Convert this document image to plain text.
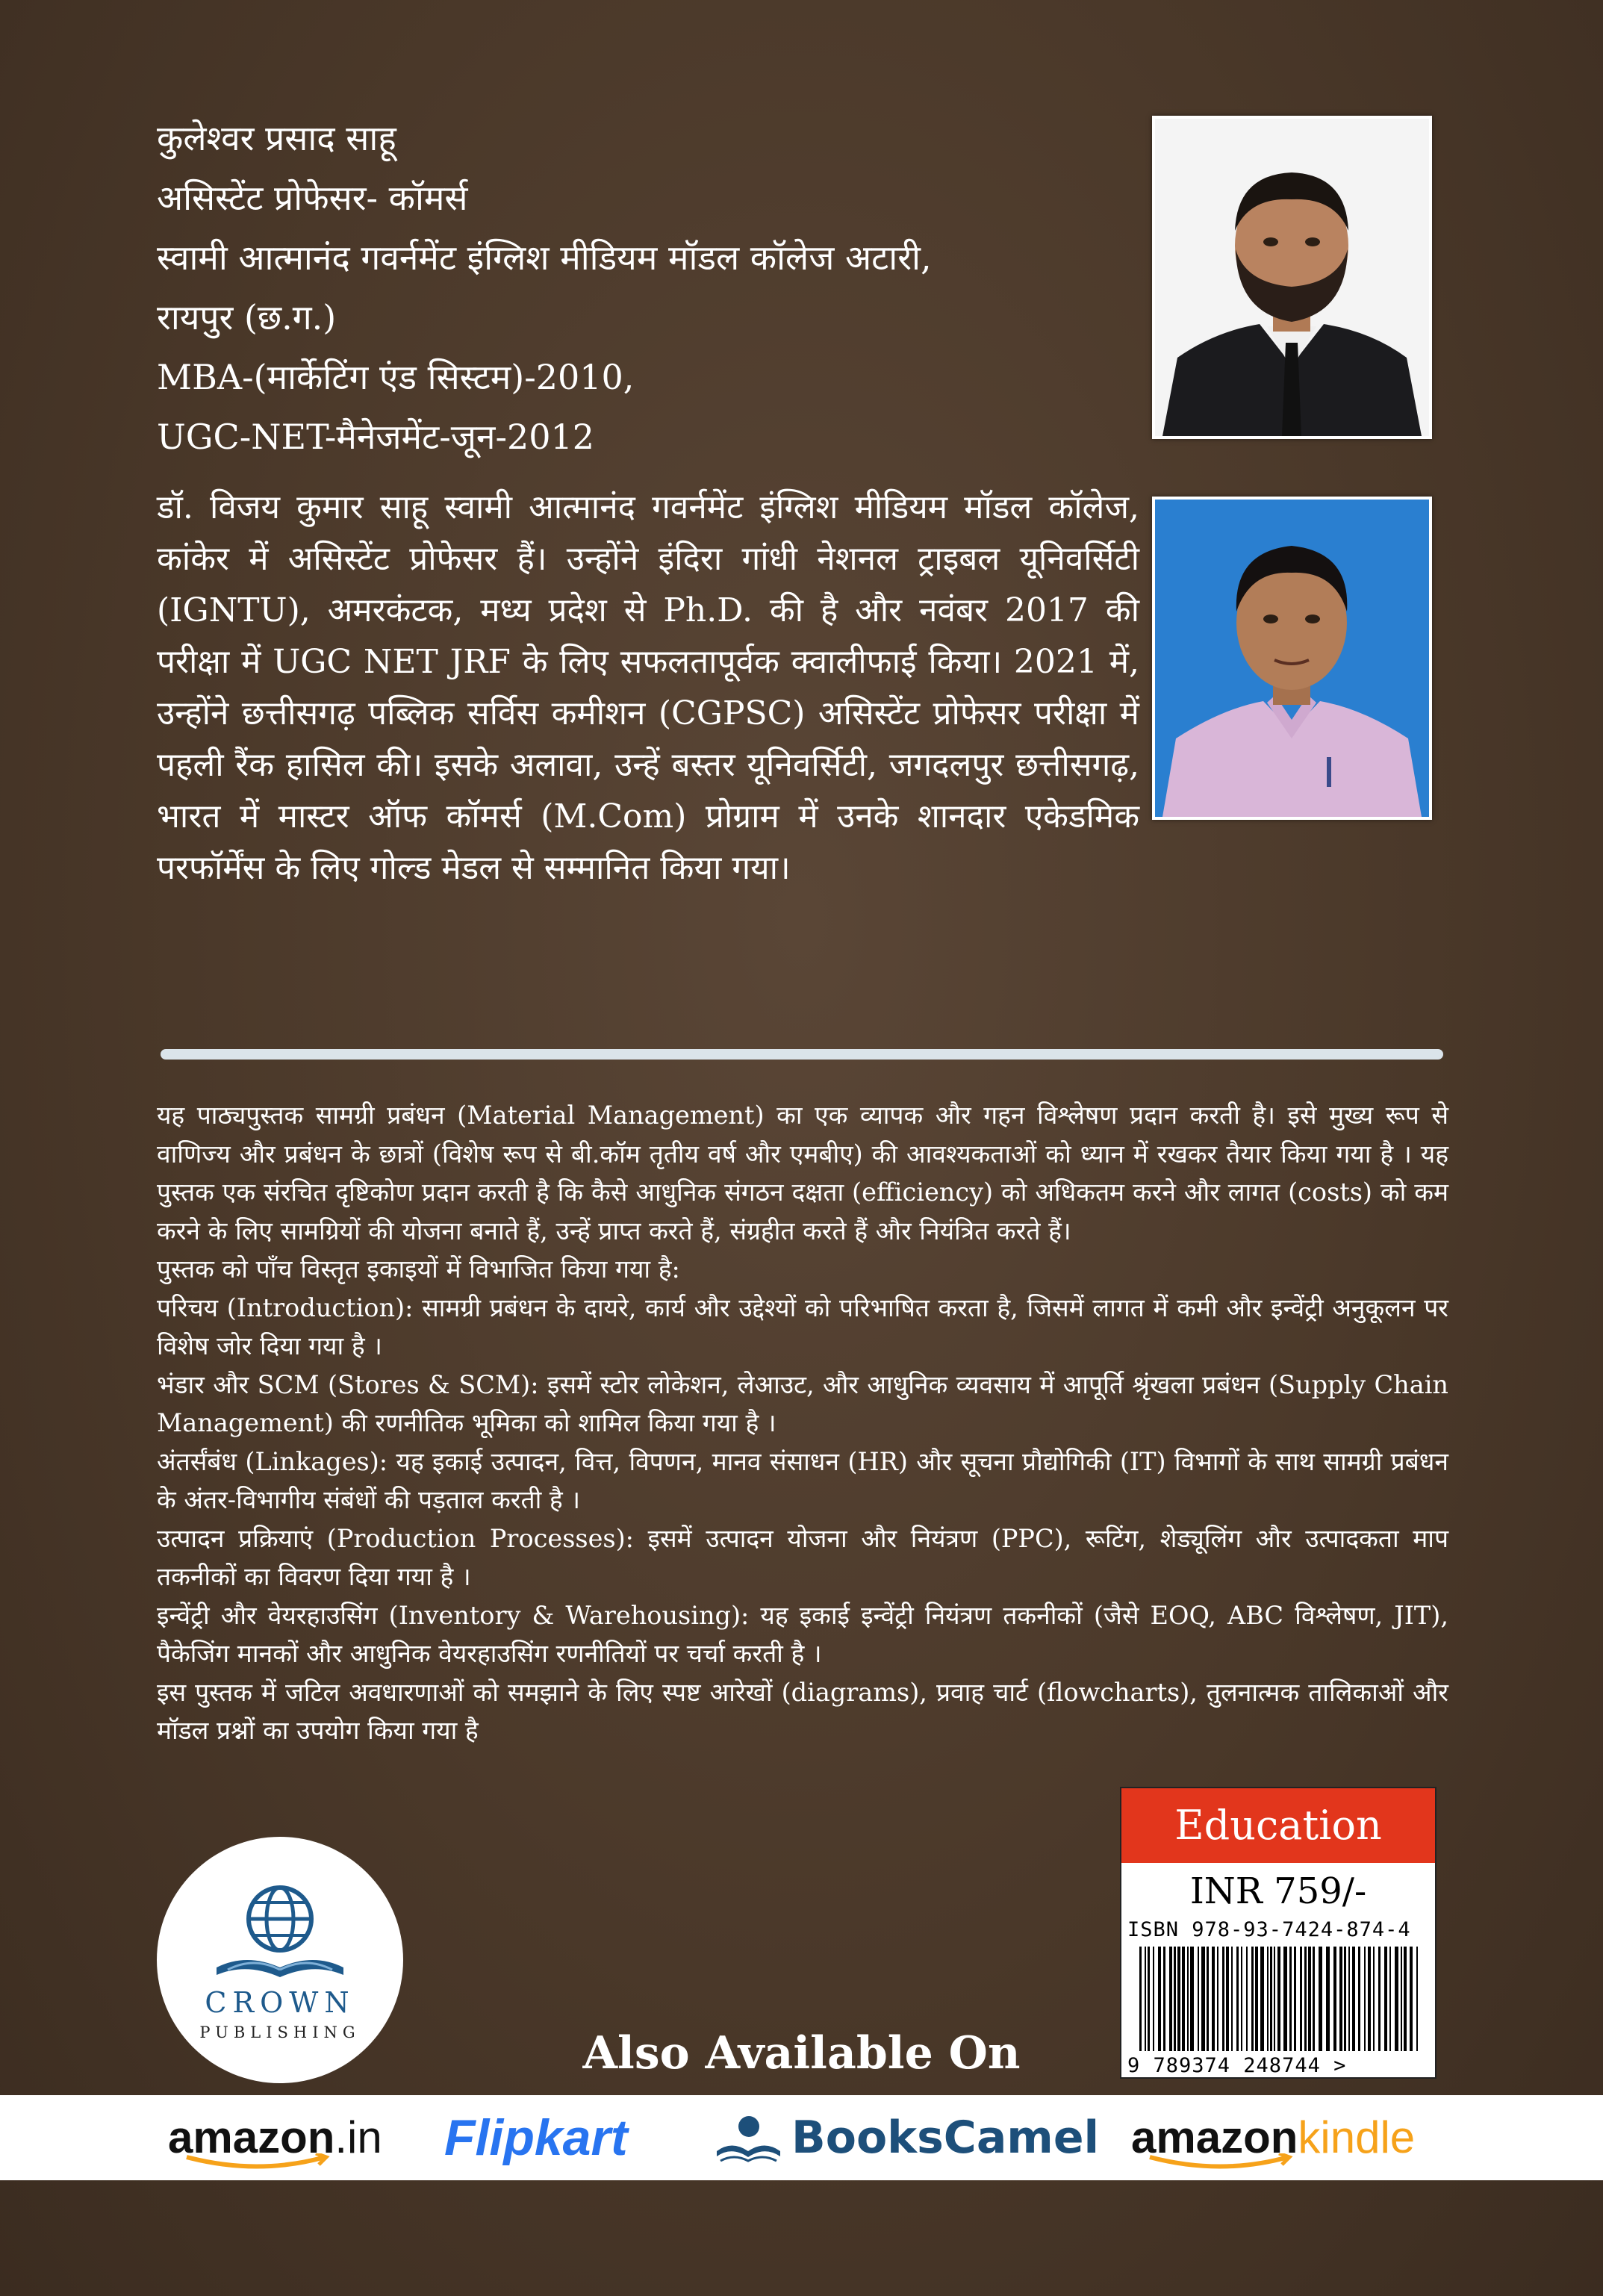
कुलेश्वर प्रसाद साहू
असिस्टेंट प्रोफेसर- कॉमर्स
स्वामी आत्मानंद गवर्नमेंट इंग्लिश मीडियम मॉडल कॉलेज अटारी,
रायपुर (छ.ग.)
MBA-(मार्केटिंग एंड सिस्टम)-2010,
UGC-NET-मैनेजमेंट-जून-2012
डॉ. विजय कुमार साहू स्वामी आत्मानंद गवर्नमेंट इंग्लिश मीडियम मॉडल कॉलेज, कांकेर में असिस्टेंट प्रोफेसर हैं। उन्होंने इंदिरा गांधी नेशनल ट्राइबल यूनिवर्सिटी (IGNTU), अमरकंटक, मध्य प्रदेश से Ph.D. की है और नवंबर 2017 की परीक्षा में UGC NET JRF के लिए सफलतापूर्वक क्वालीफाई किया। 2021 में, उन्होंने छत्तीसगढ़ पब्लिक सर्विस कमीशन (CGPSC) असिस्टेंट प्रोफेसर परीक्षा में पहली रैंक हासिल की। इसके अलावा, उन्हें बस्तर यूनिवर्सिटी, जगदलपुर छत्तीसगढ़, भारत में मास्टर ऑफ कॉमर्स (M.Com) प्रोग्राम में उनके शानदार एकेडमिक परफॉर्मेंस के लिए गोल्ड मेडल से सम्मानित किया गया।

यह पाठ्यपुस्तक सामग्री प्रबंधन (Material Management) का एक व्यापक और गहन विश्लेषण प्रदान करती है। इसे मुख्य रूप से वाणिज्य और प्रबंधन के छात्रों (विशेष रूप से बी.कॉम तृतीय वर्ष और एमबीए) की आवश्यकताओं को ध्यान में रखकर तैयार किया गया है । यह पुस्तक एक संरचित दृष्टिकोण प्रदान करती है कि कैसे आधुनिक संगठन दक्षता (efficiency) को अधिकतम करने और लागत (costs) को कम करने के लिए सामग्रियों की योजना बनाते हैं, उन्हें प्राप्त करते हैं, संग्रहीत करते हैं और नियंत्रित करते हैं।

पुस्तक को पाँच विस्तृत इकाइयों में विभाजित किया गया है:

परिचय (Introduction): सामग्री प्रबंधन के दायरे, कार्य और उद्देश्यों को परिभाषित करता है, जिसमें लागत में कमी और इन्वेंट्री अनुकूलन पर विशेष जोर दिया गया है ।

भंडार और SCM (Stores & SCM): इसमें स्टोर लोकेशन, लेआउट, और आधुनिक व्यवसाय में आपूर्ति श्रृंखला प्रबंधन (Supply Chain Management) की रणनीतिक भूमिका को शामिल किया गया है ।

अंतर्संबंध (Linkages): यह इकाई उत्पादन, वित्त, विपणन, मानव संसाधन (HR) और सूचना प्रौद्योगिकी (IT) विभागों के साथ सामग्री प्रबंधन के अंतर-विभागीय संबंधों की पड़ताल करती है ।

उत्पादन प्रक्रियाएं (Production Processes): इसमें उत्पादन योजना और नियंत्रण (PPC), रूटिंग, शेड्यूलिंग और उत्पादकता माप तकनीकों का विवरण दिया गया है ।

इन्वेंट्री और वेयरहाउसिंग (Inventory & Warehousing): यह इकाई इन्वेंट्री नियंत्रण तकनीकों (जैसे EOQ, ABC विश्लेषण, JIT), पैकेजिंग मानकों और आधुनिक वेयरहाउसिंग रणनीतियों पर चर्चा करती है ।

इस पुस्तक में जटिल अवधारणाओं को समझाने के लिए स्पष्ट आरेखों (diagrams), प्रवाह चार्ट (flowcharts), तुलनात्मक तालिकाओं और मॉडल प्रश्नों का उपयोग किया गया है

CROWN
PUBLISHING
Education
INR 759/-
ISBN 978-93-7424-874-4
9 789374 248744 >
Also Available On
amazon.in Flipkart	BooksCamel amazonkindle
